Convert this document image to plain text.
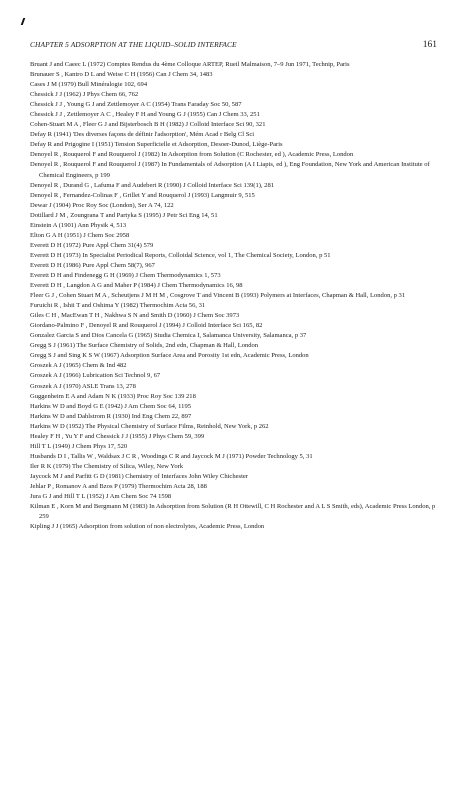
CHAPTER 5 ADSORPTION AT THE LIQUID–SOLID INTERFACE	161
Bruant J and Caeec L (1972) Comptes Rendus du 4ème Colloque ARTEP, Rueil Malmaison, 7–9 Jun 1971, Technip, Paris
Brunauer S , Kantro D L and Weise C H (1956) Can J Chem 34, 1483
Cases J M (1979) Bull Minéralogie 102, 694
Chessick J J (1962) J Phys Chem 66, 762
Chessick J J , Young G J and Zettlemoyer A C (1954) Trans Faraday Soc 50, 587
Chessick J J , Zettlemoyer A C , Healey F H and Young G J (1955) Can J Chem 33, 251
Cohen-Stuart M A , Fleer G J and Bijsterbosch B H (1982) J Colloid Interface Sci 90, 321
Defay R (1941) 'Des diverses façons de définir l'adsorption', Mém Acad r Belg Cl Sci
Defay R and Prigogine I (1951) Tension Superficielle et Adsorption, Desoer-Dunod, Liège-Paris
Denoyel R , Rouquerol F and Rouquerol J (1982) In Adsorption from Solution (C Rochester, ed ), Academic Press, London
Denoyel R , Rouquerol F and Rouquerol J (1987) In Fundamentals of Adsorption (A I Liapis, ed ), Eng Foundation, New York and American Institute of Chemical Engineers, p 199
Denoyel R , Durand G , Lafuma F and Audebert R (1990) J Colloid Interface Sci 139(1), 281
Denoyel R , Fernandez-Colinas F , Grillet Y and Rouquerol J (1993) Langmuir 9, 515
Dewar J (1904) Proc Roy Soc (London), Ser A 74, 122
Dotillard J M , Zoungrana T and Partyka S (1995) J Petr Sci Eng 14, 51
Einstein A (1901) Ann Physik 4, 513
Elton G A H (1951) J Chem Soc 2958
Everett D H (1972) Pure Appl Chem 31(4) 579
Everett D H (1973) In Specialist Periodical Reports, Colloidal Science, vol 1, The Chemical Society, London, p 51
Everett D H (1986) Pure Appl Chem 58(7), 967
Everett D H and Findenegg G H (1969) J Chem Thermodynamics 1, 573
Everett D H , Langdon A G and Maher P (1984) J Chem Thermodynamics 16, 98
Fleer G J , Cohen Stuart M A , Scheutjens J M H M , Cosgrove T and Vincent B (1993) Polymers at Interfaces, Chapman & Hall, London, p 31
Furuichi R , Ishii T and Oshima Y (1982) Thermochim Acta 56, 31
Giles C H , MacEwan T H , Nakhwa S N and Smith D (1960) J Chem Soc 3973
Giordano-Palmino F , Denoyel R and Rouquerol J (1994) J Colloid Interface Sci 165, 82
Gonzalez Garcia S and Dios Cancela G (1965) Studia Chemica I, Salamanca University, Salamanca, p 37
Gregg S J (1961) The Surface Chemistry of Solids, 2nd edn, Chapman & Hall, London
Gregg S J and Sing K S W (1967) Adsorption Surface Area and Porosity 1st edn, Academic Press, London
Groszek A J (1965) Chem & Ind 482
Groszek A J (1966) Lubrication Sci Technol 9, 67
Groszek A J (1970) ASLE Trans 13, 278
Guggenheim E A and Adam N K (1933) Proc Roy Soc 139 218
Harkins W D and Boyd G E (1942) J Am Chem Soc 64, 1195
Harkins W D and Dahlstrom R (1930) Ind Eng Chem 22, 897
Harkins W D (1952) The Physical Chemistry of Surface Films, Reinhold, New York, p 262
Healey F H , Yu Y F and Chessick J J (1955) J Phys Chem 59, 399
Hill T L (1949) J Chem Phys 17, 520
Husbands D I , Tallis W , Waldsax J C R , Woodings C R and Jaycock M J (1971) Powder Technology 5, 31
Iler R K (1979) The Chemistry of Silica, Wiley, New York
Jaycock M J and Parfitt G D (1981) Chemistry of Interfaces John Wiley Chichester
Jehlar P , Romanov A and Bzos P (1979) Thermochim Acta 28, 188
Jura G J and Hill T L (1952) J Am Chem Soc 74 1598
Kilman E , Korn M and Bergmann M (1983) In Adsorption from Solution (R H Ottewill, C H Rochester and A L S Smith, eds), Academic Press London, p 259
Kipling J J (1965) Adsorption from solution of non electrolytes, Academic Press, London
